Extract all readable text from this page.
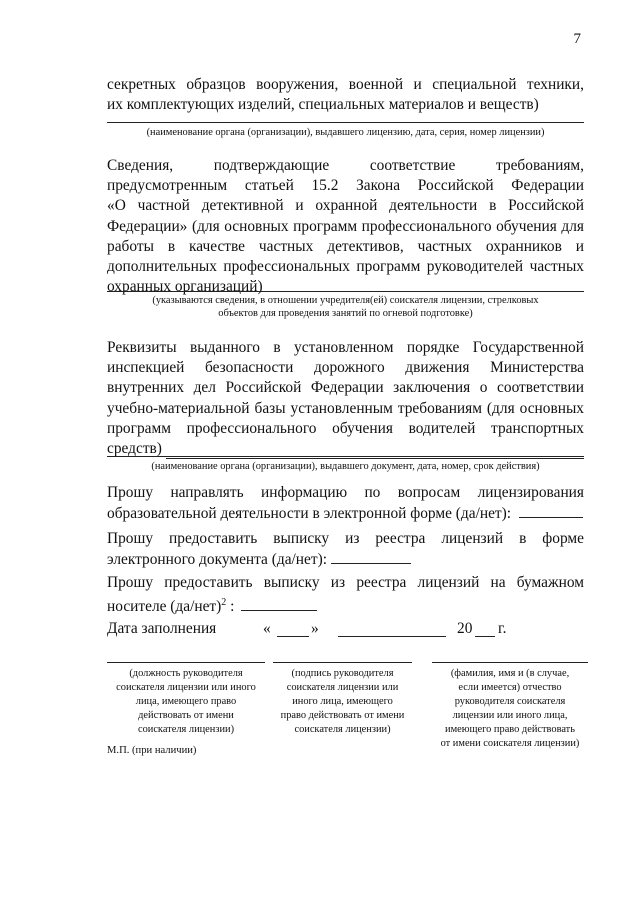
7
секретных образцов вооружения, военной и специальной техники,
их комплектующих изделий, специальных материалов и веществ)
(наименование органа (организации), выдавшего лицензию, дата, серия, номер лицензии)
Сведения, подтверждающие соответствие требованиям,
предусмотренным статьей 15.2 Закона Российской Федерации
«О частной детективной и охранной деятельности в Российской
Федерации» (для основных программ профессионального обучения для
работы в качестве частных детективов, частных охранников и
дополнительных профессиональных программ руководителей частных
охранных организаций)
(указываются сведения, в отношении учредителя(ей) соискателя лицензии, стрелковых
объектов для проведения занятий по огневой подготовке)
Реквизиты выданного в установленном порядке Государственной
инспекцией безопасности дорожного движения Министерства
внутренних дел Российской Федерации заключения о соответствии
учебно-материальной базы установленным требованиям (для основных
программ профессионального обучения водителей транспортных
средств)
(наименование органа (организации), выдавшего документ, дата, номер, срок действия)
Прошу направлять информацию по вопросам лицензирования
образовательной деятельности в электронной форме (да/нет):
Прошу предоставить выписку из реестра лицензий в форме
электронного документа (да/нет):
Прошу предоставить выписку из реестра лицензий на бумажном
носителе $(да/нет)^2$ :
Дата заполнения	«	»	20 г.
(должность руководителя
соискателя лицензии или иного
лица, имеющего право
действовать от имени
соискателя лицензии)
(подпись руководителя
соискателя лицензии или
иного лица, имеющего
право действовать от имени
соискателя лицензии)
(фамилия, имя и (в случае,
если имеется) отчество
руководителя соискателя
лицензии или иного лица,
имеющего право действовать
от имени соискателя лицензии)
М.П. (при наличии)
